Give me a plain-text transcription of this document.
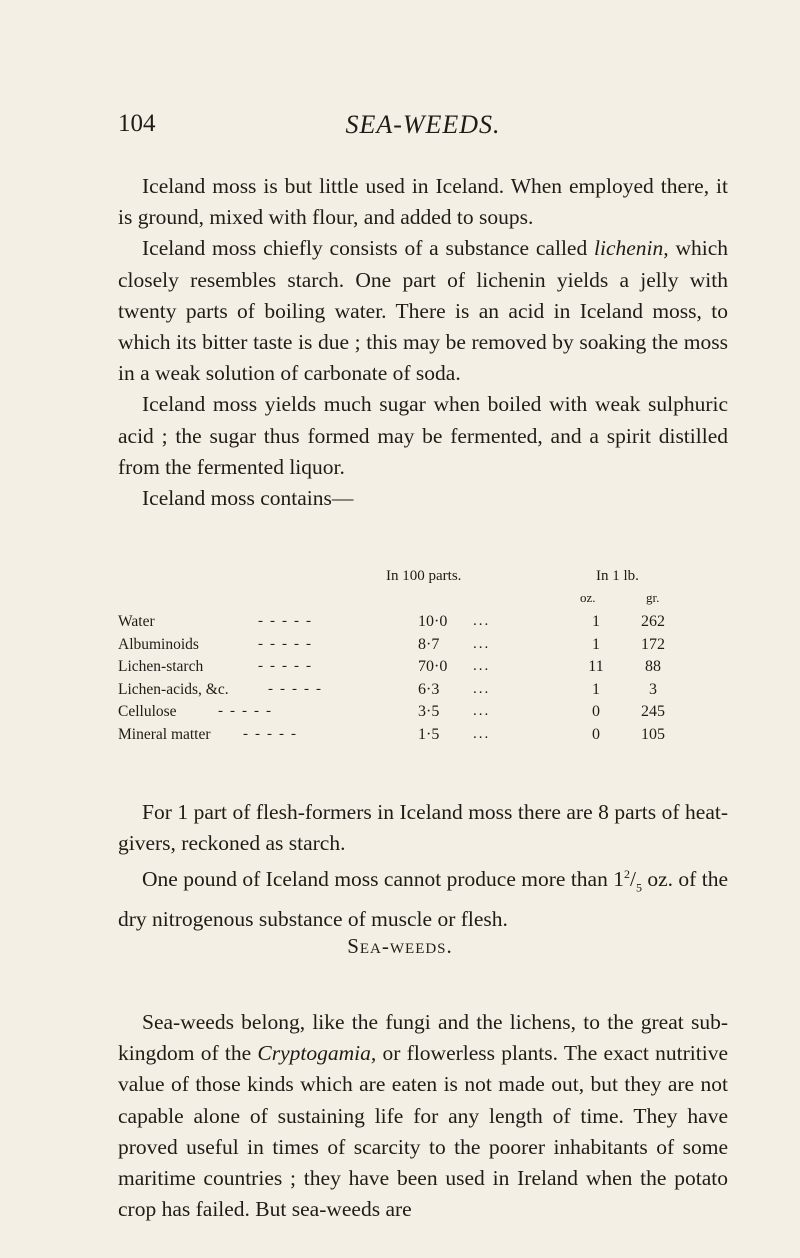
104	SEA-WEEDS.

Iceland moss is but little used in Iceland. When employed there, it is ground, mixed with flour, and added to soups.

Iceland moss chiefly consists of a substance called lichenin, which closely resembles starch. One part of lichenin yields a jelly with twenty parts of boiling water. There is an acid in Iceland moss, to which its bitter taste is due ; this may be removed by soaking the moss in a weak solution of carbonate of soda.

Iceland moss yields much sugar when boiled with weak sulphuric acid ; the sugar thus formed may be fermented, and a spirit distilled from the fermented liquor.

Iceland moss contains—

In 100 parts.	In 1 lb.
oz.	gr.
Water	-----	10·0	...	1	262
Albuminoids	-----	8·7	...	1	172
Lichen-starch	-----	70·0	...	11	88
Lichen-acids, &c.	-----	6·3	...	1	3
Cellulose	-----	3·5	...	0	245
Mineral matter -----	1·5	...	0	105

For 1 part of flesh-formers in Iceland moss there are 8 parts of heat-givers, reckoned as starch.

One pound of Iceland moss cannot produce more than $1^2/_5$ oz. of the dry nitrogenous substance of muscle or flesh.

Sea-weeds.

Sea-weeds belong, like the fungi and the lichens, to the great sub-kingdom of the Cryptogamia, or flowerless plants. The exact nutritive value of those kinds which are eaten is not made out, but they are not capable alone of sustaining life for any length of time. They have proved useful in times of scarcity to the poorer inhabitants of some maritime countries ; they have been used in Ireland when the potato crop has failed. But sea-weeds are
